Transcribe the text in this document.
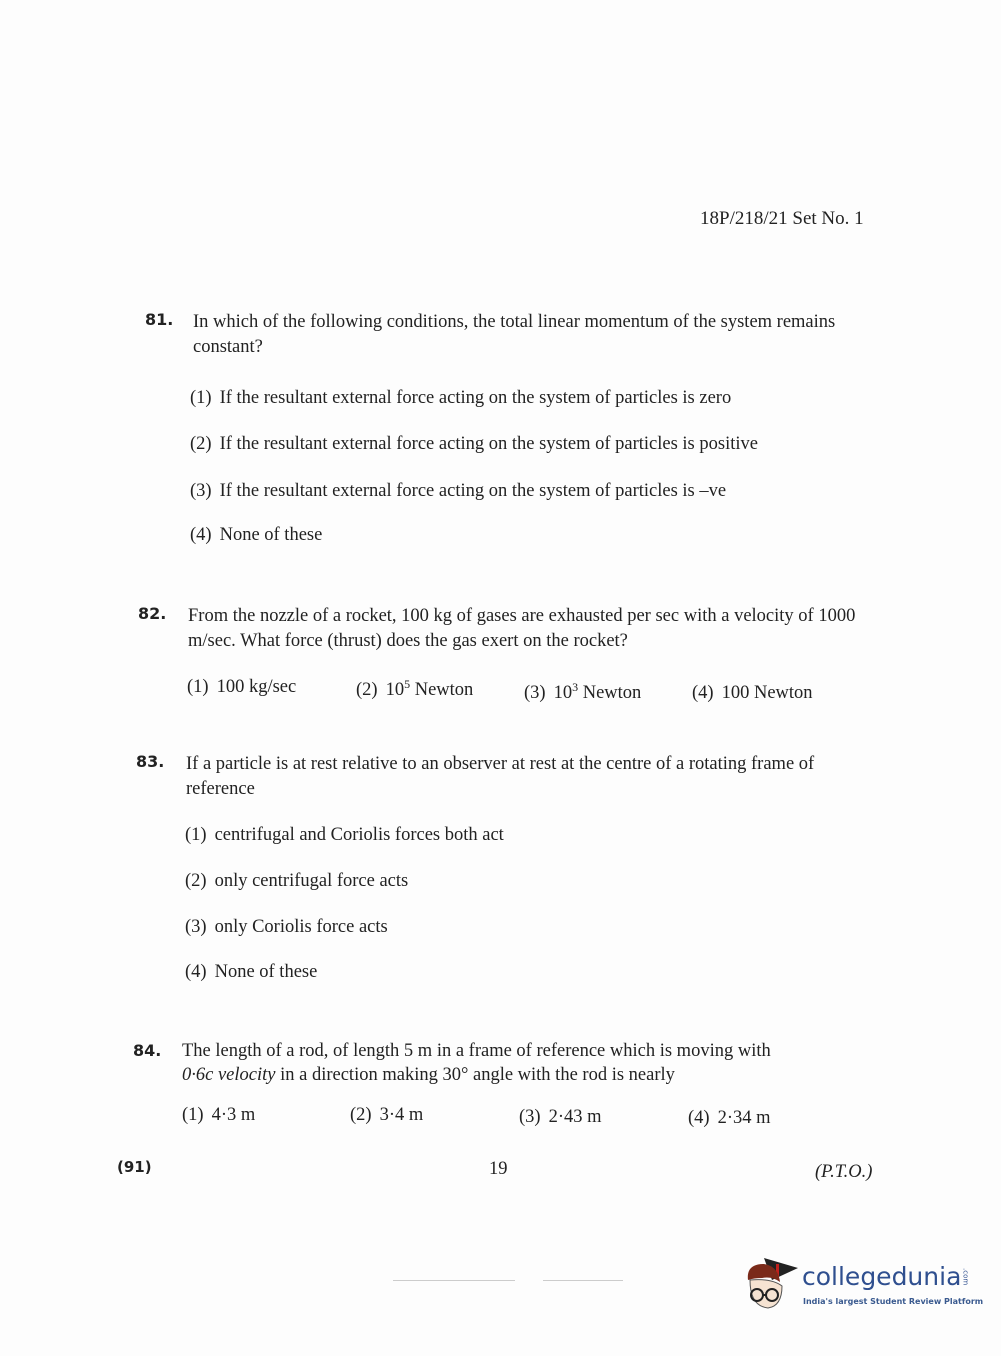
18P/218/21 Set No. 1
81. In which of the following conditions, the total linear momentum of the system remains constant?
(1) If the resultant external force acting on the system of particles is zero
(2) If the resultant external force acting on the system of particles is positive
(3) If the resultant external force acting on the system of particles is –ve
(4) None of these
82. From the nozzle of a rocket, 100 kg of gases are exhausted per sec with a velocity of 1000 m/sec. What force (thrust) does the gas exert on the rocket?
(1) 100 kg/sec	(2) $10^5$ Newton	(3) $10^3$ Newton	(4) 100 Newton
83. If a particle is at rest relative to an observer at rest at the centre of a rotating frame of reference
(1) centrifugal and Coriolis forces both act
(2) only centrifugal force acts
(3) only Coriolis force acts
(4) None of these
84. The length of a rod, of length 5 m in a frame of reference which is moving with
0·6c velocity in a direction making 30° angle with the rod is nearly
(1) 4·3 m	(2) 3·4 m	(3) 2·43 m	(4) 2·34 m
(91)	19	(P.T.O.)
collegedunia.com
India's largest Student Review Platform
